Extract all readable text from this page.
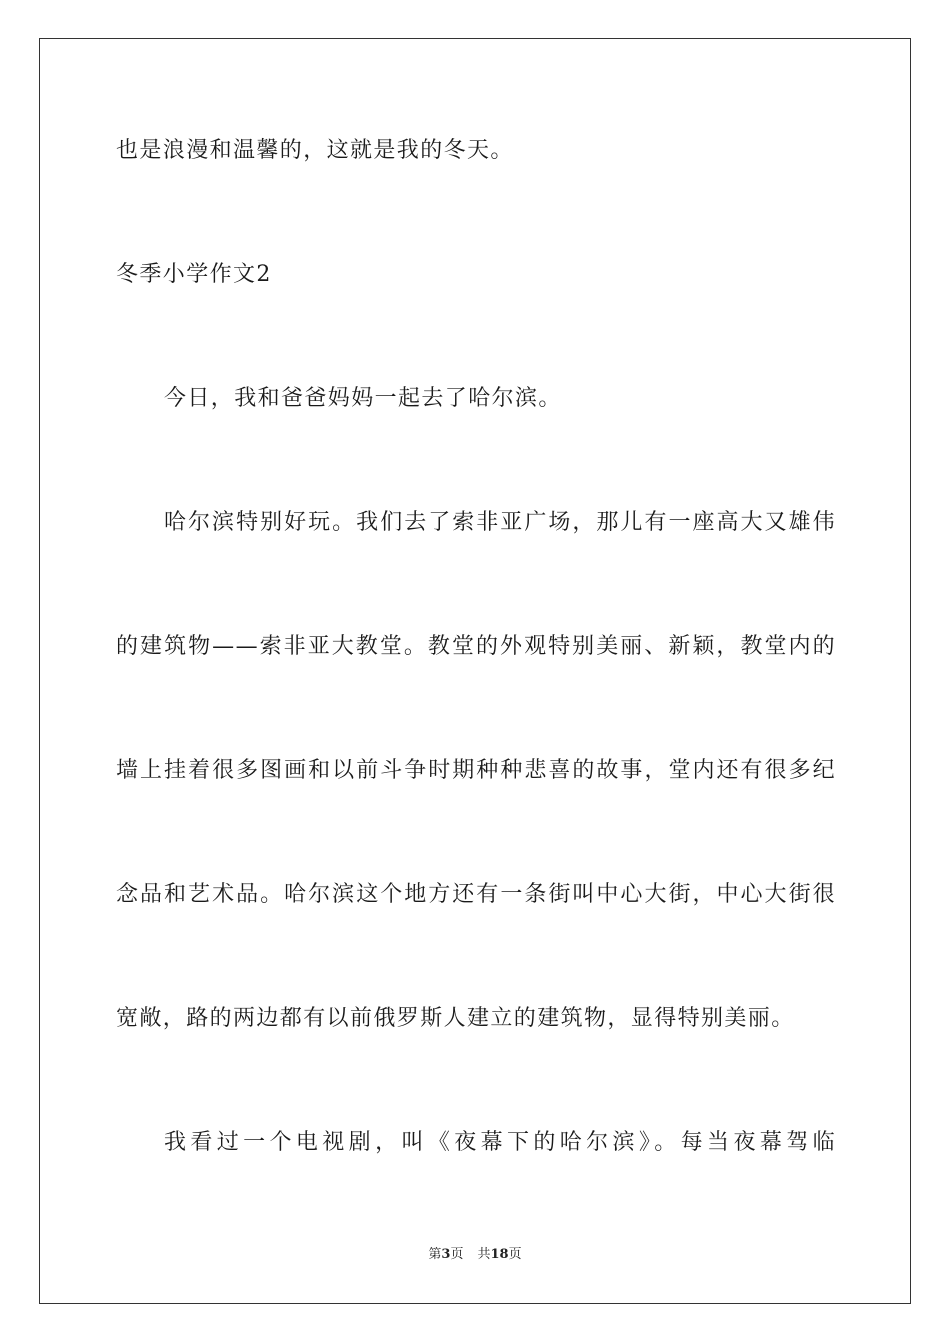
也是浪漫和温馨的，这就是我的冬天。
冬季小学作文2
今日，我和爸爸妈妈一起去了哈尔滨。
哈尔滨特别好玩。我们去了索非亚广场，那儿有一座高大又雄伟
的建筑物——索非亚大教堂。教堂的外观特别美丽、新颖，教堂内的
墙上挂着很多图画和以前斗争时期种种悲喜的故事，堂内还有很多纪
念品和艺术品。哈尔滨这个地方还有一条街叫中心大街，中心大街很
宽敞，路的两边都有以前俄罗斯人建立的建筑物，显得特别美丽。
我看过一个电视剧，叫《夜幕下的哈尔滨》。每当夜幕驾临
第3页 共18页
